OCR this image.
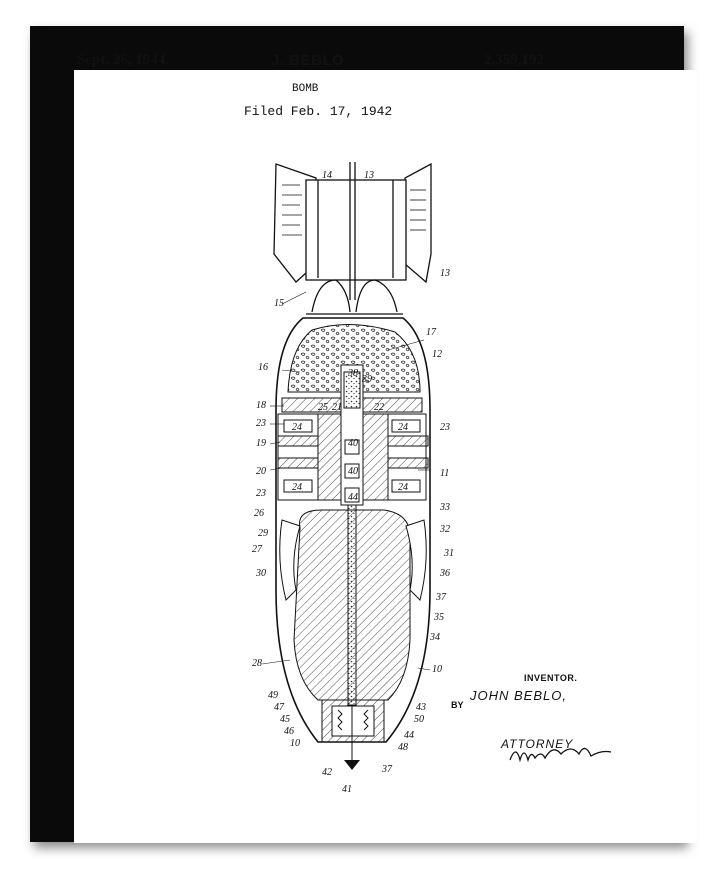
Sept. 26, 1944.	J. BEBLO	2,359,192
BOMB
Filed Feb. 17, 1942
14	13
13
15
17
12
16
38
39
18	25 21	22
23	24	24	23
40
19
40
20	11
23
24	24
44
26
33
29	32
27	31
30	36
37
35
34
28
10
49
43
47
45	50
46	44
10	48
42	37
41
INVENTOR.
JOHN BEBLO,
BY
ATTORNEY
